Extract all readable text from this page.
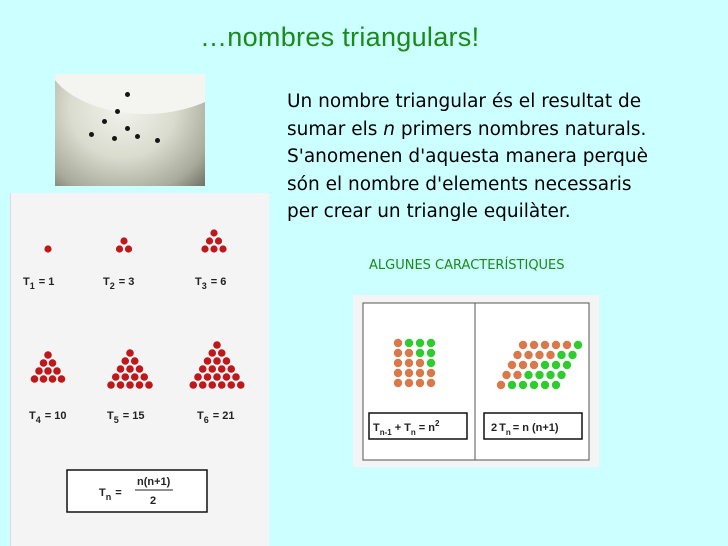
…nombres triangulars!
Un nombre triangular és el resultat de
sumar els n primers nombres naturals.
S'anomenen d'aquesta manera perquè
són el nombre d'elements necessaris
per crear un triangle equilàter.
ALGUNES CARACTERÍSTIQUES
$T_1 = 1$	$T_2 = 3$	$T_3 = 6$
$T_4 = 10$	$T_5 = 15$	$T_6 = 21$
$T_n$ =
n(n+1)
2
$T_{n-1} + T_n = n^2$	2 $T_n = n$ (n+1)
